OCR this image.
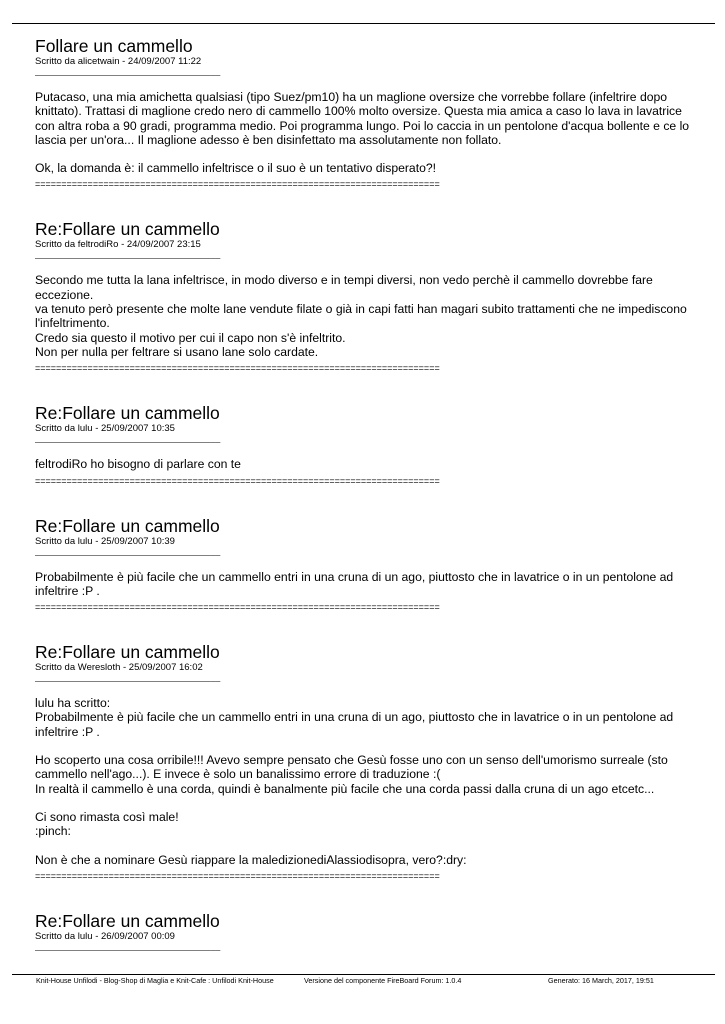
Follare un cammello
Scritto da alicetwain - 24/09/2007 11:22
_____________________________________

Putacaso, una mia amichetta qualsiasi (tipo Suez/pm10) ha un maglione oversize che vorrebbe follare (infeltrire dopo knittato). Trattasi di maglione credo nero di cammello 100% molto oversize. Questa mia amica a caso lo lava in lavatrice con altra roba a 90 gradi, programma medio. Poi programma lungo. Poi lo caccia in un pentolone d'acqua bollente e ce lo lascia per un'ora... Il maglione adesso è ben disinfettato ma assolutamente non follato.

Ok, la domanda è: il cammello infeltrisce o il suo è un tentativo disperato?!

=============================================================================
Re:Follare un cammello
Scritto da feltrodiRo - 24/09/2007 23:15
_____________________________________

Secondo me tutta la lana infeltrisce, in modo diverso e in tempi diversi, non vedo perchè il cammello dovrebbe fare eccezione.

va tenuto però presente che molte lane vendute filate o già in capi fatti han magari subito trattamenti che ne impediscono l'infeltrimento.

Credo sia questo il motivo per cui il capo non s'è infeltrito.

Non per nulla per feltrare si usano lane solo cardate.

=============================================================================
Re:Follare un cammello
Scritto da lulu - 25/09/2007 10:35
_____________________________________

feltrodiRo ho bisogno di parlare con te

=============================================================================
Re:Follare un cammello
Scritto da lulu - 25/09/2007 10:39
_____________________________________

Probabilmente è più facile che un cammello entri in una cruna di un ago, piuttosto che in lavatrice o in un pentolone ad infeltrire :P .

=============================================================================
Re:Follare un cammello
Scritto da Weresloth - 25/09/2007 16:02
_____________________________________

lulu ha scritto:

Probabilmente è più facile che un cammello entri in una cruna di un ago, piuttosto che in lavatrice o in un pentolone ad infeltrire :P .

Ho scoperto una cosa orribile!!! Avevo sempre pensato che Gesù fosse uno con un senso dell'umorismo surreale (sto cammello nell'ago...). E invece è solo un banalissimo errore di traduzione :(

In realtà il cammello è una corda, quindi è banalmente più facile che una corda passi dalla cruna di un ago etcetc...

Ci sono rimasta così male!

:pinch:

Non è che a nominare Gesù riappare la maledizionediAlassiodisopra, vero?:dry:

=============================================================================
Re:Follare un cammello
Scritto da lulu - 26/09/2007 00:09
_____________________________________
Knit-House Unfilodi - Blog-Shop di Maglia e Knit-Cafe : Unfilodi Knit-House	Versione del componente FireBoard Forum: 1.0.4	Generato: 16 March, 2017, 19:51
